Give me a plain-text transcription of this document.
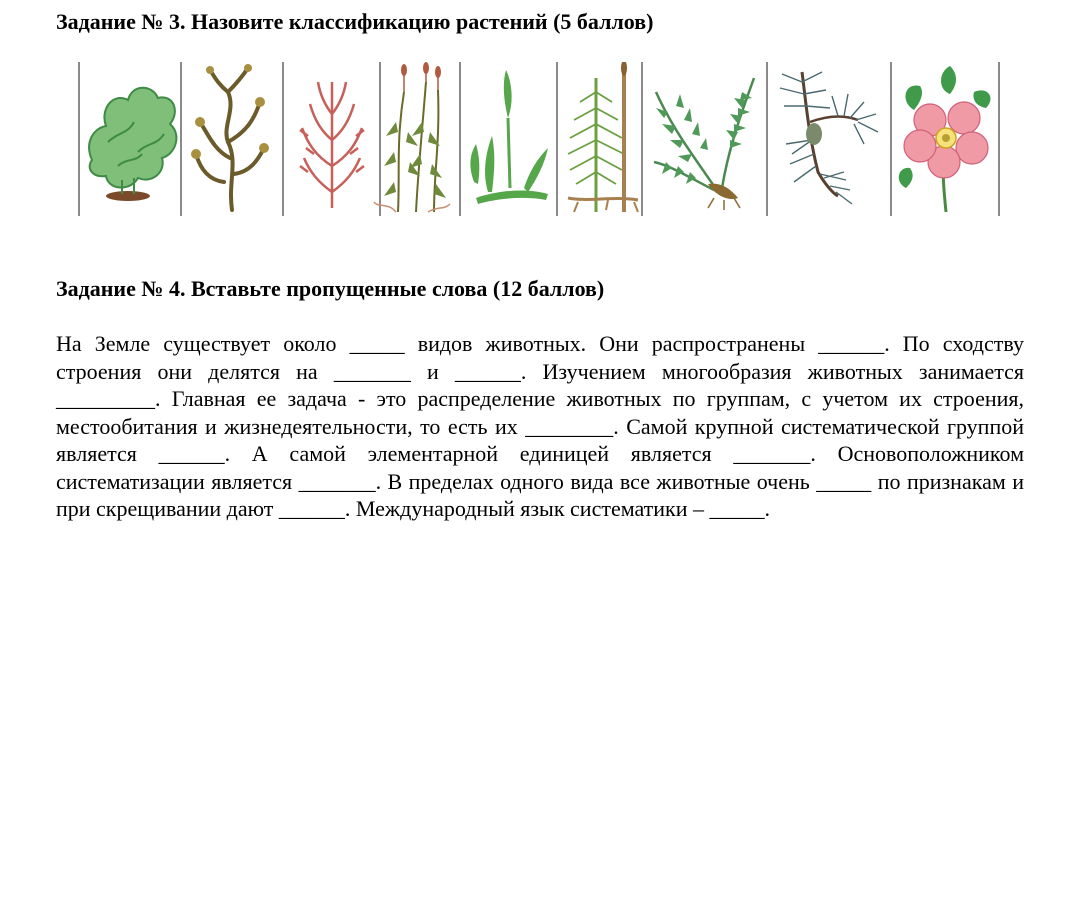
Задание № 3. Назовите классификацию растений (5 баллов)
Задание № 4. Вставьте пропущенные слова (12 баллов)

На Земле существует около _____ видов животных. Они распространены ______. По сходству строения они делятся на _______ и ______. Изучением многообразия животных занимается _________. Главная ее задача - это распределение животных по группам, с учетом их строения, местообитания и жизнедеятельности, то есть их ________. Самой крупной систематической группой является ______. А самой элементарной единицей является _______. Основоположником систематизации является _______. В пределах одного вида все животные очень _____ по признакам и при скрещивании дают ______. Международный язык систематики – _____.
